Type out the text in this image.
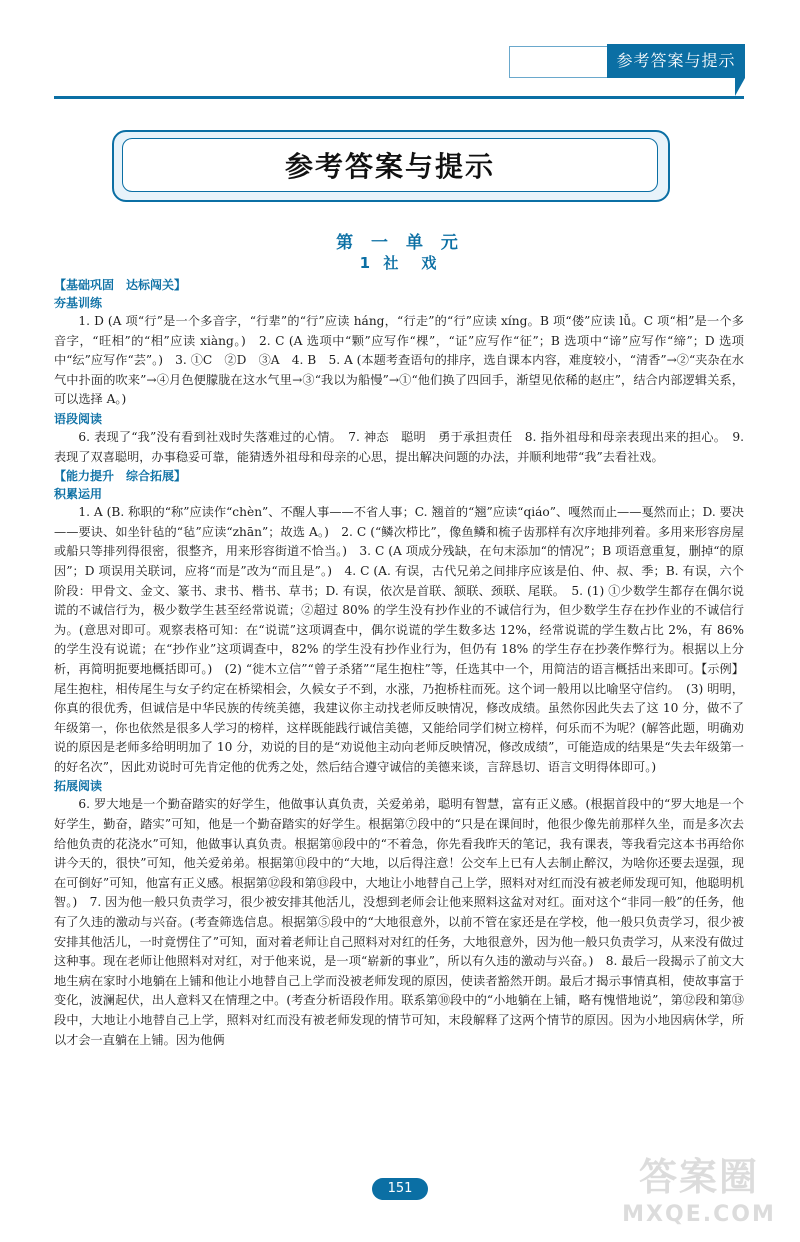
参考答案与提示
参考答案与提示
第 一 单 元
1 社　戏
【基础巩固　达标闯关】
夯基训练

1. D (A 项“行”是一个多音字，“行辈”的“行”应读 háng，“行走”的“行”应读 xíng。B 项“偻”应读 lǚ。C 项“相”是一个多音字，“旺相”的“相”应读 xiàng。)　2. C (A 选项中“颗”应写作“棵”，“证”应写作“征”；B 选项中“谛”应写作“缔”；D 选项中“纭”应写作“芸”。)　3. ①C　②D　③A　4. B　5. A (本题考查语句的排序，选自课本内容，难度较小，“清香”→②“夹杂在水气中扑面的吹来”→④月色便朦胧在这水气里→③“我以为船慢”→①“他们换了四回手，渐望见依稀的赵庄”，结合内部逻辑关系，可以选择 A。)

语段阅读

6. 表现了“我”没有看到社戏时失落难过的心情。　7. 神态　聪明　勇于承担责任　8. 指外祖母和母亲表现出来的担心。　9. 表现了双喜聪明，办事稳妥可靠，能猜透外祖母和母亲的心思，提出解决问题的办法，并顺利地带“我”去看社戏。

【能力提升　综合拓展】
积累运用

1. A (B. 称职的“称”应读作“chèn”、不醒人事——不省人事；C. 翘首的“翘”应读“qiáo”、嘎然而止——戛然而止；D. 要决——要诀、如坐针毡的“毡”应读“zhān”；故选 A。)　2. C (“鳞次栉比”，像鱼鳞和梳子齿那样有次序地排列着。多用来形容房屋或船只等排列得很密，很整齐，用来形容街道不恰当。)　3. C (A 项成分残缺，在句末添加“的情况”；B 项语意重复，删掉“的原因”；D 项误用关联词，应将“而是”改为“而且是”。)　4. C (A. 有误，古代兄弟之间排序应该是伯、仲、叔、季；B. 有误，六个阶段：甲骨文、金文、篆书、隶书、楷书、草书；D. 有误，依次是首联、颔联、颈联、尾联。　5. (1) ①少数学生都存在偶尔说谎的不诚信行为，极少数学生甚至经常说谎；②超过 80% 的学生没有抄作业的不诚信行为，但少数学生存在抄作业的不诚信行为。(意思对即可。观察表格可知：在“说谎”这项调查中，偶尔说谎的学生数多达 12%，经常说谎的学生数占比 2%，有 86% 的学生没有说谎；在“抄作业”这项调查中，82% 的学生没有抄作业行为，但仍有 18% 的学生存在抄袭作弊行为。根据以上分析，再简明扼要地概括即可。)　(2) “徙木立信”“曾子杀猪”“尾生抱柱”等，任选其中一个，用简洁的语言概括出来即可。【示例】尾生抱柱，相传尾生与女子约定在桥梁相会，久候女子不到，水涨，乃抱桥柱而死。这个词一般用以比喻坚守信约。　(3) 明明，你真的很优秀，但诚信是中华民族的传统美德，我建议你主动找老师反映情况，修改成绩。虽然你因此失去了这 10 分，做不了年级第一，你也依然是很多人学习的榜样，这样既能践行诚信美德，又能给同学们树立榜样，何乐而不为呢？(解答此题，明确劝说的原因是老师多给明明加了 10 分，劝说的目的是“劝说他主动向老师反映情况，修改成绩”，可能造成的结果是“失去年级第一的好名次”，因此劝说时可先肯定他的优秀之处，然后结合遵守诚信的美德来谈，言辞恳切、语言文明得体即可。)

拓展阅读

6. 罗大地是一个勤奋踏实的好学生，他做事认真负责，关爱弟弟，聪明有智慧，富有正义感。(根据首段中的“罗大地是一个好学生，勤奋，踏实”可知，他是一个勤奋踏实的好学生。根据第⑦段中的“只是在课间时，他很少像先前那样久坐，而是多次去给他负责的花浇水”可知，他做事认真负责。根据第⑩段中的“不着急，你先看我昨天的笔记，我有课表，等我看完这本书再给你讲今天的，很快”可知，他关爱弟弟。根据第⑪段中的“大地，以后得注意！公交车上已有人去制止醉汉，为啥你还要去逞强，现在可倒好”可知，他富有正义感。根据第⑫段和第⑬段中，大地让小地替自己上学，照料对对红而没有被老师发现可知，他聪明机智。)　7. 因为他一般只负责学习，很少被安排其他活儿，没想到老师会让他来照料这盆对对红。面对这个“非同一般”的任务，他有了久违的激动与兴奋。(考查筛选信息。根据第⑤段中的“大地很意外，以前不管在家还是在学校，他一般只负责学习，很少被安排其他活儿，一时竟愣住了”可知，面对着老师让自己照料对对红的任务，大地很意外，因为他一般只负责学习，从来没有做过这种事。现在老师让他照料对对红，对于他来说，是一项“崭新的事业”，所以有久违的激动与兴奋。)　8. 最后一段揭示了前文大地生病在家时小地躺在上铺和他让小地替自己上学而没被老师发现的原因，使读者豁然开朗。最后才揭示事情真相，使故事富于变化，波澜起伏，出人意料又在情理之中。(考查分析语段作用。联系第⑩段中的“小地躺在上铺，略有愧惜地说”，第⑫段和第⑬段中，大地让小地替自己上学，照料对红而没有被老师发现的情节可知，末段解释了这两个情节的原因。因为小地因病休学，所以才会一直躺在上铺。因为他俩

151	答案圈
MXQE.COM
